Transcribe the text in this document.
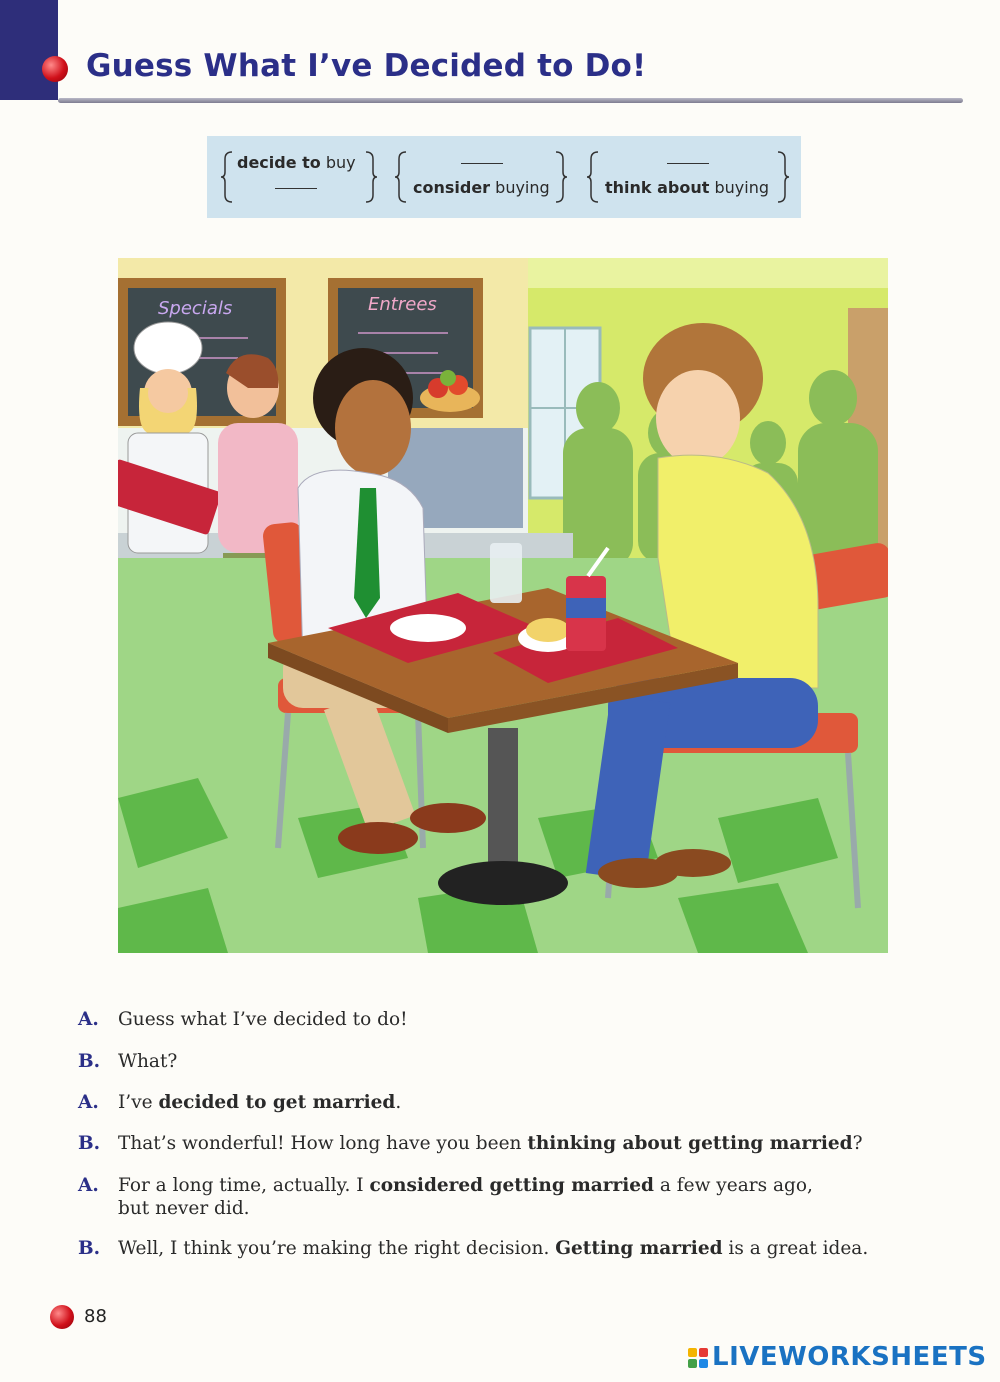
Guess What I’ve Decided to Do!
decide to buy
consider buying	think about buying
Specials	Entrees
A. Guess what I’ve decided to do!
B. What?
A. I’ve decided to get married.
B. That’s wonderful! How long have you been thinking about getting married?
A. For a long time, actually. I considered getting married a few years ago,
but never did.
B. Well, I think you’re making the right decision. Getting married is a great idea.
88
LIVEWORKSHEETS
